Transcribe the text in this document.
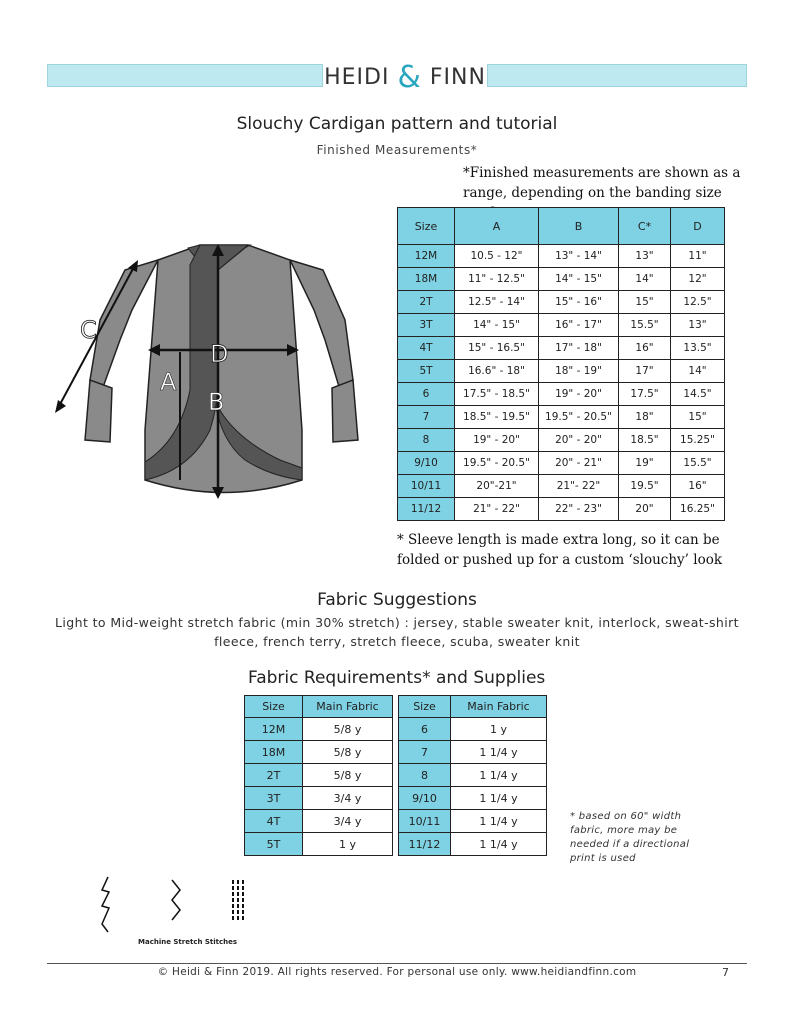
HEIDI & FINN
Slouchy Cardigan pattern and tutorial
Finished Measurements*
*Finished measurements are shown as a range, depending on the banding size
A
B
C
D
Size	A	B	C*	D
12M	10.5 - 12"	13" - 14"	13"	11"
18M	11" - 12.5"	14" - 15"	14"	12"
2T	12.5" - 14"	15" - 16"	15"	12.5"
3T	14" - 15"	16" - 17"	15.5"	13"
4T	15" - 16.5"	17" - 18"	16"	13.5"
5T	16.6" - 18"	18" - 19"	17"	14"
6	17.5" - 18.5"	19" - 20"	17.5"	14.5"
7	18.5" - 19.5"	19.5" - 20.5"	18"	15"
8	19" - 20"	20" - 20"	18.5"	15.25"
9/10	19.5" - 20.5"	20" - 21"	19"	15.5"
10/11	20"-21"	21"- 22"	19.5"	16"
11/12	21" - 22"	22" - 23"	20"	16.25"
* Sleeve length is made extra long, so it can be folded or pushed up for a custom ‘slouchy’ look
Fabric Suggestions
Light to Mid-weight stretch fabric (min 30% stretch) : jersey, stable sweater knit, interlock, sweat-shirt fleece, french terry, stretch fleece, scuba, sweater knit
Fabric Requirements* and Supplies
Size	Main Fabric
12M	5/8 y
18M	5/8 y
2T	5/8 y
3T	3/4 y
4T	3/4 y
5T	1 y
Size	Main Fabric
6	1 y
7	1 1/4 y
8	1 1/4 y
9/10	1 1/4 y
10/11	1 1/4 y
11/12	1 1/4 y
* based on 60" width fabric, more may be needed if a directional print is used
Machine Stretch Stitches
© Heidi & Finn 2019. All rights reserved. For personal use only. www.heidiandfinn.com	7
